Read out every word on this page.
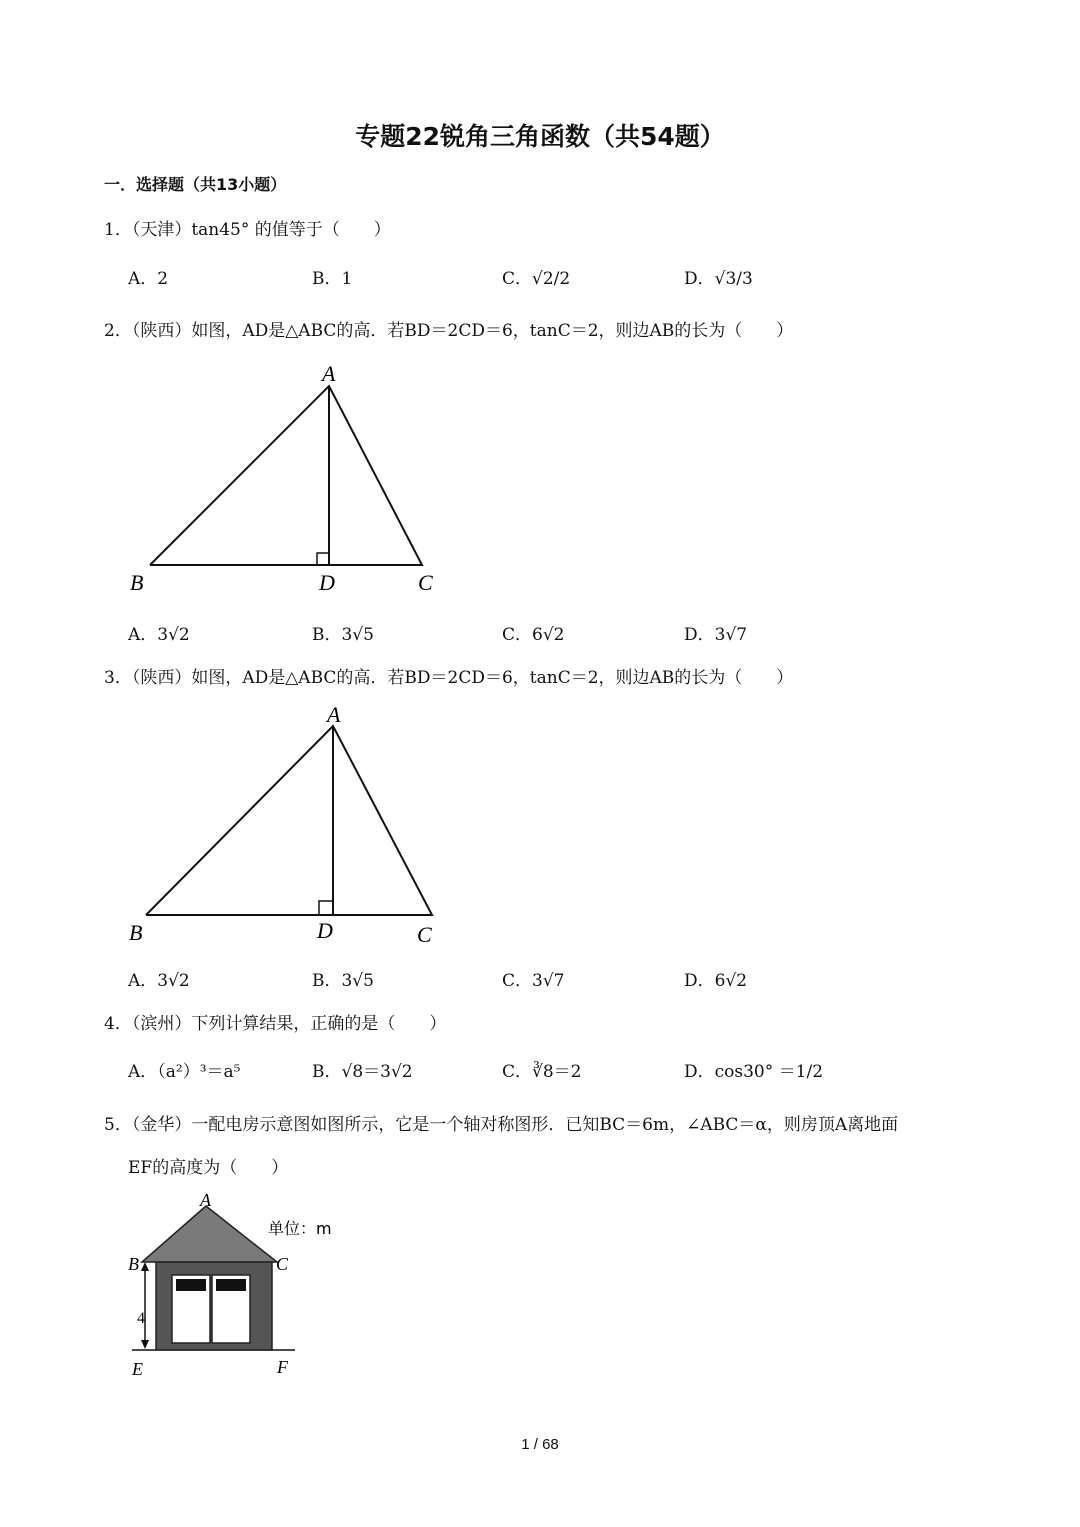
专题22锐角三角函数（共54题）
一．选择题（共13小题）
1．（天津）tan45° 的值等于（　　）
A．2	B．1	C．√2/2	D．√3/3
2．（陕西）如图，AD是△ABC的高．若BD＝2CD＝6，tanC＝2，则边AB的长为（　　）
A
B	D	C
A．3√2	B．3√5	C．6√2	D．3√7
3．（陕西）如图，AD是△ABC的高．若BD＝2CD＝6，tanC＝2，则边AB的长为（　　）
A
B	D	C
A．3√2	B．3√5	C．3√7	D．6√2
4．（滨州）下列计算结果，正确的是（　　）
A．（a²）³＝a⁵	B．√8＝3√2	C．∛8＝2	D．cos30° ＝1/2
5．（金华）一配电房示意图如图所示，它是一个轴对称图形．已知BC＝6m，∠ABC＝α，则房顶A离地面
EF的高度为（　　）
A
B	C
E	F
4
单位：m
1 / 68
